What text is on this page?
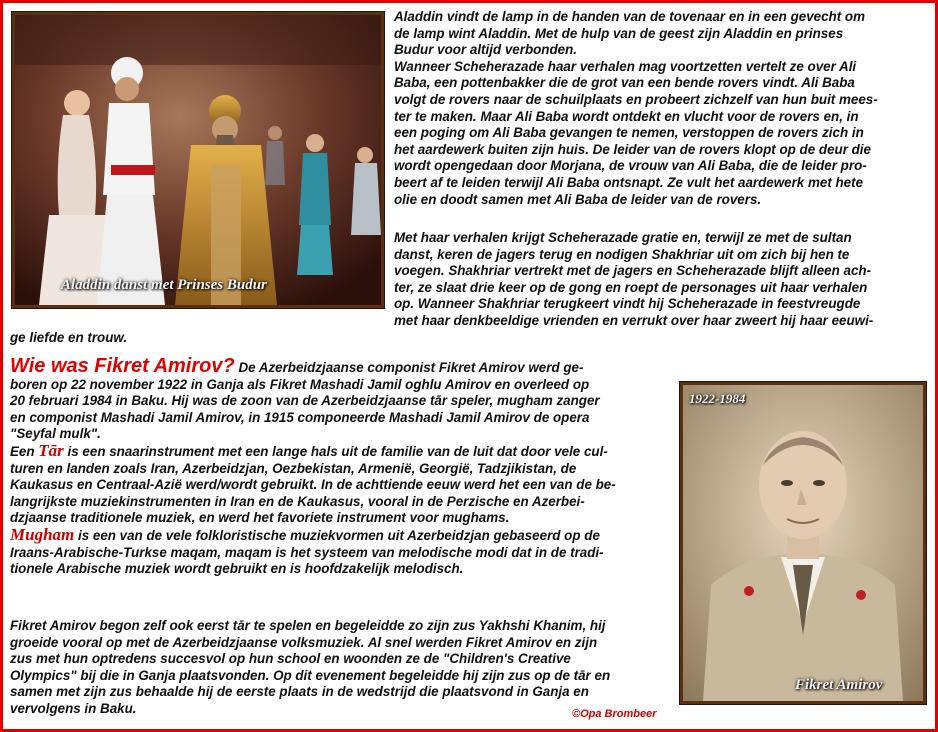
Aladdin danst met Prinses Budur

Aladdin vindt de lamp in de handen van de tovenaar en in een gevecht om

de lamp wint Aladdin. Met de hulp van de geest zijn Aladdin en prinses

Budur voor altijd verbonden.

Wanneer Scheherazade haar verhalen mag voortzetten vertelt ze over Ali

Baba, een pottenbakker die de grot van een bende rovers vindt. Ali Baba

volgt de rovers naar de schuilplaats en probeert zichzelf van hun buit mees-

ter te maken. Maar Ali Baba wordt ontdekt en vlucht voor de rovers en, in

een poging om Ali Baba gevangen te nemen, verstoppen de rovers zich in

het aardewerk buiten zijn huis. De leider van de rovers klopt op de deur die

wordt opengedaan door Morjana, de vrouw van Ali Baba, die de leider pro-

beert af te leiden terwijl Ali Baba ontsnapt. Ze vult het aardewerk met hete

olie en doodt samen met Ali Baba de leider van de rovers.

Met haar verhalen krijgt Scheherazade gratie en, terwijl ze met de sultan

danst, keren de jagers terug en nodigen Shakhriar uit om zich bij hen te

voegen. Shakhriar vertrekt met de jagers en Scheherazade blijft alleen ach-

ter, ze slaat drie keer op de gong en roept de personages uit haar verhalen

op. Wanneer Shakhriar terugkeert vindt hij Scheherazade in feestvreugde

met haar denkbeeldige vrienden en verrukt over haar zweert hij haar eeuwi-

ge liefde en trouw.

Wie was Fikret Amirov? De Azerbeidzjaanse componist Fikret Amirov werd ge-

boren op 22 november 1922 in Ganja als Fikret Mashadi Jamil oghlu Amirov en overleed op

20 februari 1984 in Baku. Hij was de zoon van de Azerbeidzjaanse tār speler, mugham zanger

en componist Mashadi Jamil Amirov, in 1915 componeerde Mashadi Jamil Amirov de opera

"Seyfal mulk".

Een Tār is een snaarinstrument met een lange hals uit de familie van de luit dat door vele cul-

turen en landen zoals Iran, Azerbeidzjan, Oezbekistan, Armenië, Georgië, Tadzjikistan, de

Kaukasus en Centraal-Azië werd/wordt gebruikt. In de achttiende eeuw werd het een van de be-

langrijkste muziekinstrumenten in Iran en de Kaukasus, vooral in de Perzische en Azerbei-

dzjaanse traditionele muziek, en werd het favoriete instrument voor mughams.

Mugham is een van de vele folkloristische muziekvormen uit Azerbeidzjan gebaseerd op de

Iraans-Arabische-Turkse maqam, maqam is het systeem van melodische modi dat in de tradi-

tionele Arabische muziek wordt gebruikt en is hoofdzakelijk melodisch.

Fikret Amirov begon zelf ook eerst tār te spelen en begeleidde zo zijn zus Yakhshi Khanim, hij

groeide vooral op met de Azerbeidzjaanse volksmuziek. Al snel werden Fikret Amirov en zijn

zus met hun optredens succesvol op hun school en woonden ze de "Children's Creative

Olympics" bij die in Ganja plaatsvonden. Op dit evenement begeleidde hij zijn zus op de tār en

samen met zijn zus behaalde hij de eerste plaats in de wedstrijd die plaatsvond in Ganja en

vervolgens in Baku.

1922-1984
Fikret Amirov
©Opa Brombeer
